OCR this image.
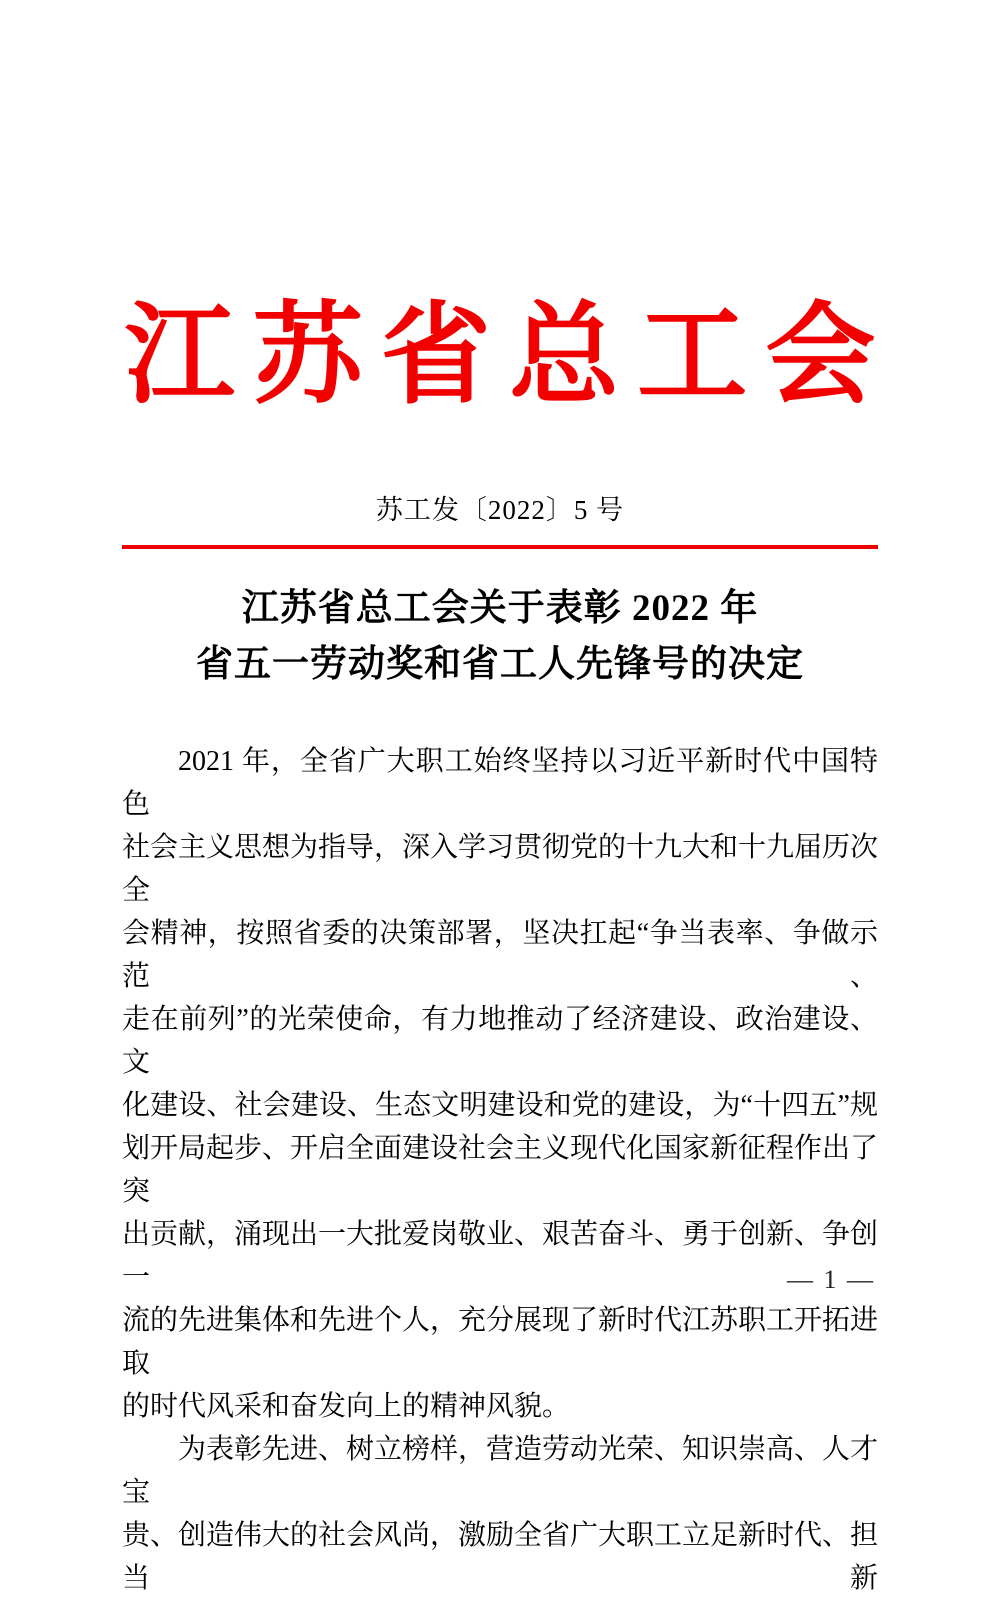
江苏省总工会
苏工发〔2022〕5 号
江苏省总工会关于表彰 2022 年
省五一劳动奖和省工人先锋号的决定
2021 年，全省广大职工始终坚持以习近平新时代中国特色
社会主义思想为指导，深入学习贯彻党的十九大和十九届历次全
会精神，按照省委的决策部署，坚决扛起“争当表率、争做示范、
走在前列”的光荣使命，有力地推动了经济建设、政治建设、文
化建设、社会建设、生态文明建设和党的建设，为“十四五”规
划开局起步、开启全面建设社会主义现代化国家新征程作出了突
出贡献，涌现出一大批爱岗敬业、艰苦奋斗、勇于创新、争创一
流的先进集体和先进个人，充分展现了新时代江苏职工开拓进取
的时代风采和奋发向上的精神风貌。
为表彰先进、树立榜样，营造劳动光荣、知识崇高、人才宝
贵、创造伟大的社会风尚，激励全省广大职工立足新时代、担当新
— 1 —
